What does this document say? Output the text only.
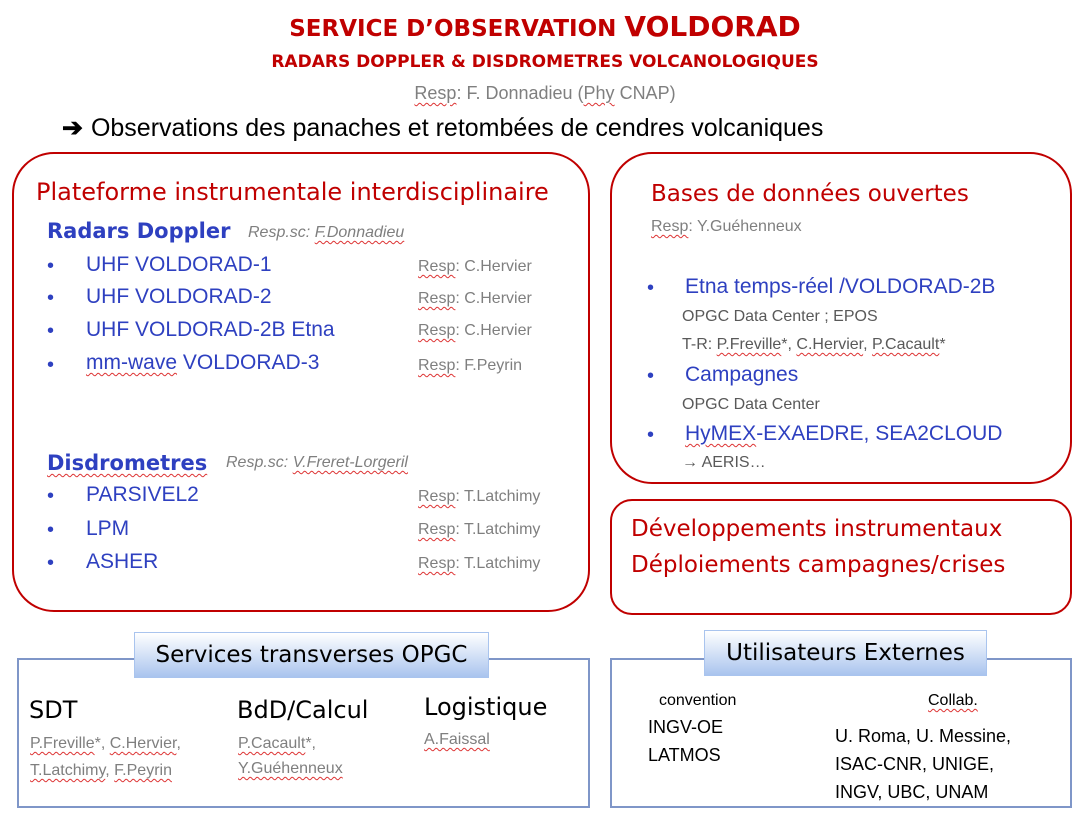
SERVICE D’OBSERVATION VOLDORAD
RADARS DOPPLER & DISDROMETRES VOLCANOLOGIQUES
Resp: F. Donnadieu (Phy CNAP)
➔ Observations des panaches et retombées de cendres volcaniques
Plateforme instrumentale interdisciplinaire
Radars Doppler Resp.sc: F.Donnadieu
• UHF VOLDORAD-1	Resp: C.Hervier
• UHF VOLDORAD-2	Resp: C.Hervier
• UHF VOLDORAD-2B Etna	Resp: C.Hervier
• mm-wave VOLDORAD-3	Resp: F.Peyrin
Disdrometres Resp.sc: V.Freret-Lorgeril
• PARSIVEL2	Resp: T.Latchimy
• LPM	Resp: T.Latchimy
• ASHER	Resp: T.Latchimy
Bases de données ouvertes
Resp: Y.Guéhenneux
• Etna temps-réel /VOLDORAD-2B
OPGC Data Center ; EPOS
T-R: P.Freville*, C.Hervier, P.Cacault*
• Campagnes
OPGC Data Center
• HyMEX-EXAEDRE, SEA2CLOUD
→ AERIS…
Développements instrumentaux
Déploiements campagnes/crises
Services transverses OPGC
SDT
P.Freville*, C.Hervier,
T.Latchimy, F.Peyrin
BdD/Calcul
P.Cacault*,
Y.Guéhenneux
Logistique
A.Faissal
Utilisateurs Externes
convention	Collab.
INGV-OE
LATMOS
U. Roma, U. Messine,
ISAC-CNR, UNIGE,
INGV, UBC, UNAM
